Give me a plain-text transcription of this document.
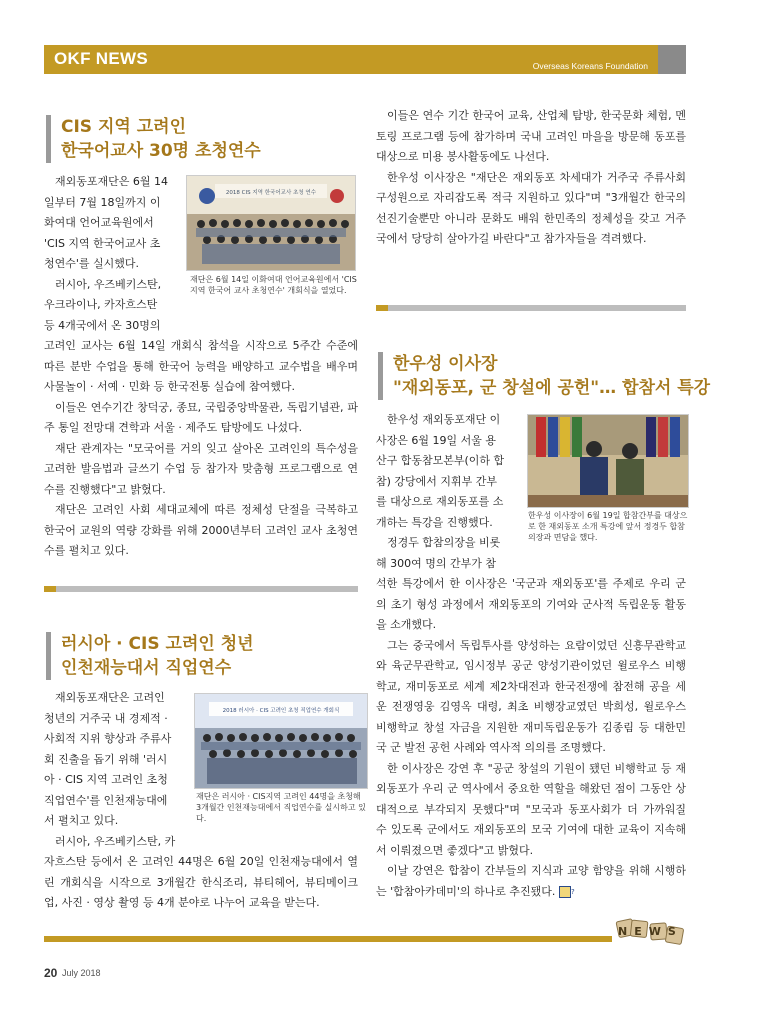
OKF NEWS	Overseas Koreans Foundation
CIS 지역 고려인
한국어교사 30명 초청연수
재외동포재단은 6월 14
일부터 7월 18일까지 이
화여대 언어교육원에서
'CIS 지역 한국어교사 초
청연수'를 실시했다.
러시아, 우즈베키스탄,
우크라이나, 카자흐스탄
등 4개국에서 온 30명의
2018 CIS 지역 한국어교사 초청 연수
재단은 6월 14일 이화여대 언어교육원에서 'CIS지역 한국어 교사 초청연수' 개회식을 열었다.

고려인 교사는 6월 14일 개회식 참석을 시작으로 5주간 수준에 따른 분반 수업을 통해 한국어 능력을 배양하고 교수법을 배우며 사물놀이 · 서예 · 민화 등 한국전통 실습에 참여했다.

이들은 연수기간 창덕궁, 종묘, 국립중앙박물관, 독립기념관, 파주 통일 전망대 견학과 서울 · 제주도 탐방에도 나섰다.

재단 관계자는 "모국어를 거의 잊고 살아온 고려인의 특수성을 고려한 발음법과 글쓰기 수업 등 참가자 맞춤형 프로그램으로 연수를 진행했다"고 밝혔다.

재단은 고려인 사회 세대교체에 따른 정체성 단절을 극복하고 한국어 교원의 역량 강화를 위해 2000년부터 고려인 교사 초청연수를 펼치고 있다.

러시아 · CIS 고려인 청년
인천재능대서 직업연수
재외동포재단은 고려인
청년의 거주국 내 경제적 ·
사회적 지위 향상과 주류사
회 진출을 돕기 위해 '러시
아 · CIS 지역 고려인 초청
직업연수'를 인천재능대에
서 펼치고 있다.
러시아, 우즈베키스탄, 카
2018 러시아 · CIS 고려인 초청 직업연수 개회식
재단은 러시아 · CIS지역 고려인 44명을 초청해 3개월간 인천재능대에서 직업연수를 실시하고 있다.

자흐스탄 등에서 온 고려인 44명은 6월 20일 인천재능대에서 열린 개회식을 시작으로 3개월간 한식조리, 뷰티헤어, 뷰티메이크업, 사진 · 영상 촬영 등 4개 분야로 나누어 교육을 받는다.

이들은 연수 기간 한국어 교육, 산업체 탐방, 한국문화 체험, 멘토링 프로그램 등에 참가하며 국내 고려인 마을을 방문해 동포를 대상으로 미용 봉사활동에도 나선다.

한우성 이사장은 "재단은 재외동포 차세대가 거주국 주류사회 구성원으로 자리잡도록 적극 지원하고 있다"며 "3개월간 한국의 선진기술뿐만 아니라 문화도 배워 한민족의 정체성을 갖고 거주국에서 당당히 살아가길 바란다"고 참가자들을 격려했다.

한우성 이사장
"재외동포, 군 창설에 공헌"… 합참서 특강
한우성 재외동포재단 이
사장은 6월 19일 서울 용
산구 합동참모본부(이하 합
참) 강당에서 지휘부 간부
를 대상으로 재외동포를 소
개하는 특강을 진행했다.
정경두 합참의장을 비롯
해 300여 명의 간부가 참
한우성 이사장이 6월 19일 합참간부를 대상으로 한 재외동포 소개 특강에 앞서 정경두 합참의장과 면담을 했다.

석한 특강에서 한 이사장은 '국군과 재외동포'를 주제로 우리 군의 초기 형성 과정에서 재외동포의 기여와 군사적 독립운동 활동을 소개했다.

그는 중국에서 독립투사를 양성하는 요람이었던 신흥무관학교와 육군무관학교, 임시정부 공군 양성기관이었던 윌로우스 비행학교, 재미동포로 세계 제2차대전과 한국전쟁에 참전해 공을 세운 전쟁영웅 김영옥 대령, 최초 비행장교였던 박희성, 윌로우스 비행학교 창설 자금을 지원한 재미독립운동가 김종림 등 대한민국 군 발전 공헌 사례와 역사적 의의를 조명했다.

한 이사장은 강연 후 "공군 창설의 기원이 됐던 비행학교 등 재외동포가 우리 군 역사에서 중요한 역할을 해왔던 점이 그동안 상대적으로 부각되지 못했다"며 "모국과 동포사회가 더 가까워질 수 있도록 군에서도 재외동포의 모국 기여에 대한 교육이 지속해서 이뤄졌으면 좋겠다"고 밝혔다.

이날 강연은 합참이 간부들의 지식과 교양 함양을 위해 시행하는 '합참아카데미'의 하나로 추진됐다. ?

NEWS
20 July 2018
